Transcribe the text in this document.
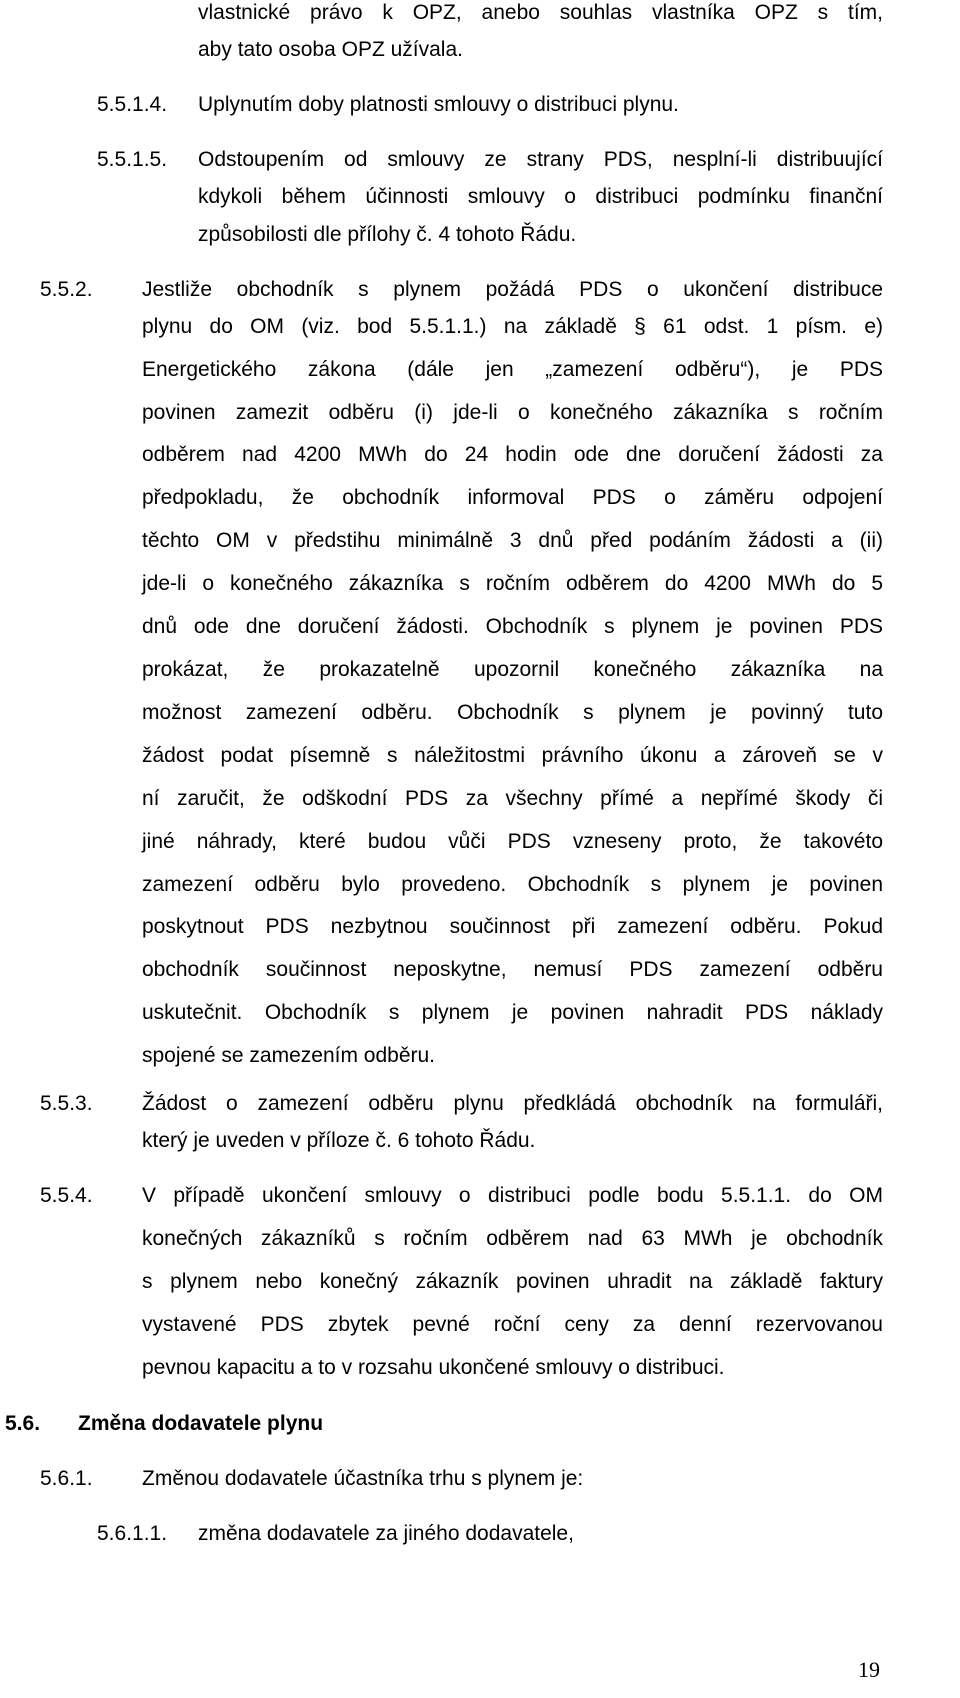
vlastnické právo k OPZ, anebo souhlas vlastníka OPZ s tím,
aby tato osoba OPZ užívala.
5.5.1.4. Uplynutím doby platnosti smlouvy o distribuci plynu.
5.5.1.5. Odstoupením od smlouvy ze strany PDS, nesplní-li distribuující
kdykoli během účinnosti smlouvy o distribuci podmínku finanční
způsobilosti dle přílohy č. 4 tohoto Řádu.
5.5.2. Jestliže obchodník s plynem požádá PDS o ukončení distribuce
plynu do OM (viz. bod 5.5.1.1.) na základě § 61 odst. 1 písm. e)
Energetického zákona (dále jen „zamezení odběru“), je PDS
povinen zamezit odběru (i) jde-li o konečného zákazníka s ročním
odběrem nad 4200 MWh do 24 hodin ode dne doručení žádosti za
předpokladu, že obchodník informoval PDS o záměru odpojení
těchto OM v předstihu minimálně 3 dnů před podáním žádosti a (ii)
jde-li o konečného zákazníka s ročním odběrem do 4200 MWh do 5
dnů ode dne doručení žádosti. Obchodník s plynem je povinen PDS
prokázat, že prokazatelně upozornil konečného zákazníka na
možnost zamezení odběru. Obchodník s plynem je povinný tuto
žádost podat písemně s náležitostmi právního úkonu a zároveň se v
ní zaručit, že odškodní PDS za všechny přímé a nepřímé škody či
jiné náhrady, které budou vůči PDS vzneseny proto, že takovéto
zamezení odběru bylo provedeno. Obchodník s plynem je povinen
poskytnout PDS nezbytnou součinnost při zamezení odběru. Pokud
obchodník součinnost neposkytne, nemusí PDS zamezení odběru
uskutečnit. Obchodník s plynem je povinen nahradit PDS náklady
spojené se zamezením odběru.
5.5.3. Žádost o zamezení odběru plynu předkládá obchodník na formuláři,
který je uveden v příloze č. 6 tohoto Řádu.
5.5.4. V případě ukončení smlouvy o distribuci podle bodu 5.5.1.1. do OM
konečných zákazníků s ročním odběrem nad 63 MWh je obchodník
s plynem nebo konečný zákazník povinen uhradit na základě faktury
vystavené PDS zbytek pevné roční ceny za denní rezervovanou
pevnou kapacitu a to v rozsahu ukončené smlouvy o distribuci.
5.6. Změna dodavatele plynu
5.6.1. Změnou dodavatele účastníka trhu s plynem je:
5.6.1.1. změna dodavatele za jiného dodavatele,
19
